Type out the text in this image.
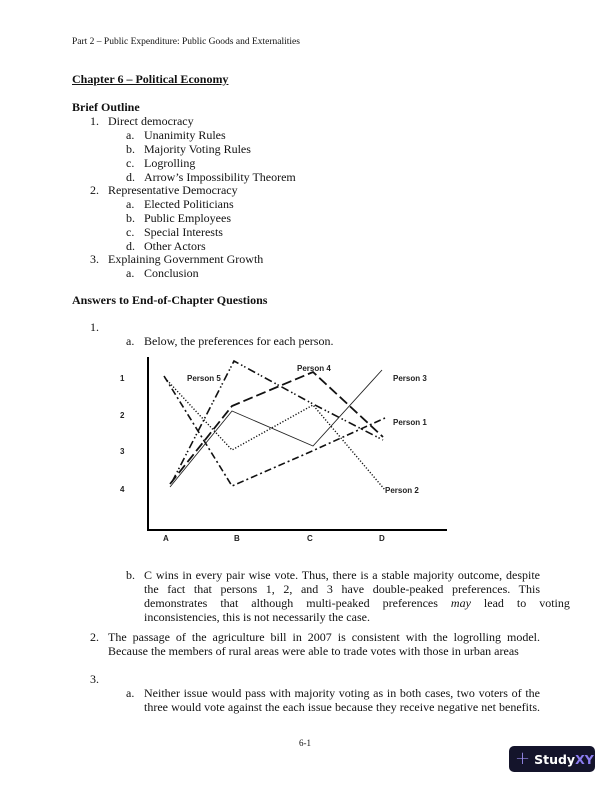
Part 2 – Public Expenditure: Public Goods and Externalities
Chapter 6 – Political Economy
Brief Outline
1. Direct democracy
a. Unanimity Rules
b. Majority Voting Rules
c. Logrolling
d. Arrow’s Impossibility Theorem
2. Representative Democracy
a. Elected Politicians
b. Public Employees
c. Special Interests
d. Other Actors
3. Explaining Government Growth
a. Conclusion
Answers to End-of-Chapter Questions
1.
a. Below, the preferences for each person.
1
2
3
4
A	B	C	D
Person 5
Person 4
Person 3
Person 1
Person 2
b. C wins in every pair wise vote. Thus, there is a stable majority outcome, despite
the fact that persons 1, 2, and 3 have double-peaked preferences. This
demonstrates that although multi-peaked preferences may lead to voting
inconsistencies, this is not necessarily the case.
2. The passage of the agriculture bill in 2007 is consistent with the logrolling model.
Because the members of rural areas were able to trade votes with those in urban areas
3.
a. Neither issue would pass with majority voting as in both cases, two voters of the
three would vote against the each issue because they receive negative net benefits.
6-1
+ Study XY
